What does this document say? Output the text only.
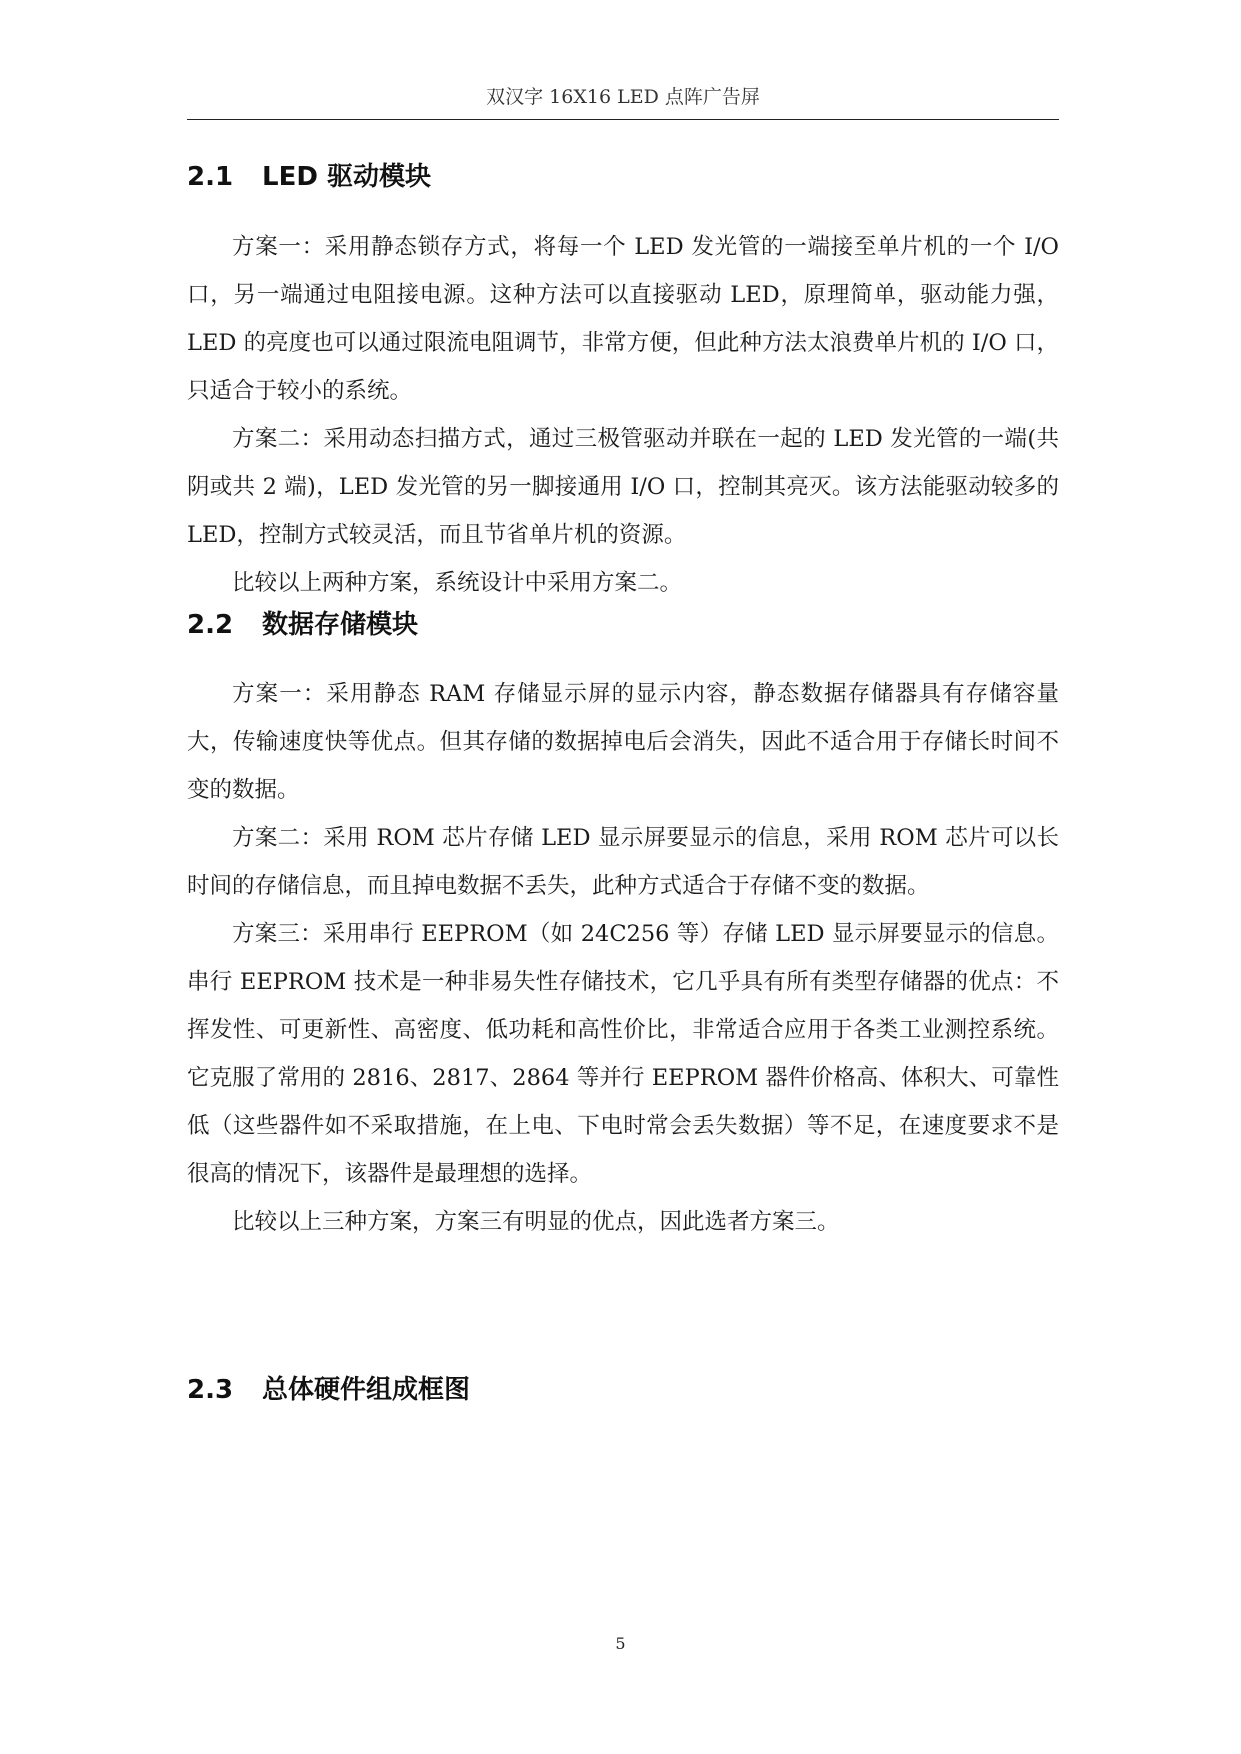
双汉字 16X16 LED 点阵广告屏
2.1 LED 驱动模块

方案一：采用静态锁存方式，将每一个 LED 发光管的一端接至单片机的一个 I/O 口，另一端通过电阻接电源。这种方法可以直接驱动 LED，原理简单，驱动能力强，LED 的亮度也可以通过限流电阻调节，非常方便，但此种方法太浪费单片机的 I/O 口，只适合于较小的系统。

方案二：采用动态扫描方式，通过三极管驱动并联在一起的 LED 发光管的一端(共阴或共 2 端)，LED 发光管的另一脚接通用 I/O 口，控制其亮灭。该方法能驱动较多的 LED，控制方式较灵活，而且节省单片机的资源。

比较以上两种方案，系统设计中采用方案二。

2.2 数据存储模块

方案一：采用静态 RAM 存储显示屏的显示内容，静态数据存储器具有存储容量大，传输速度快等优点。但其存储的数据掉电后会消失，因此不适合用于存储长时间不变的数据。

方案二：采用 ROM 芯片存储 LED 显示屏要显示的信息，采用 ROM 芯片可以长时间的存储信息，而且掉电数据不丢失，此种方式适合于存储不变的数据。

方案三：采用串行 EEPROM（如 24C256 等）存储 LED 显示屏要显示的信息。串行 EEPROM 技术是一种非易失性存储技术，它几乎具有所有类型存储器的优点：不挥发性、可更新性、高密度、低功耗和高性价比，非常适合应用于各类工业测控系统。它克服了常用的 2816、2817、2864 等并行 EEPROM 器件价格高、体积大、可靠性低（这些器件如不采取措施，在上电、下电时常会丢失数据）等不足，在速度要求不是很高的情况下，该器件是最理想的选择。

比较以上三种方案，方案三有明显的优点，因此选者方案三。

2.3 总体硬件组成框图
5
